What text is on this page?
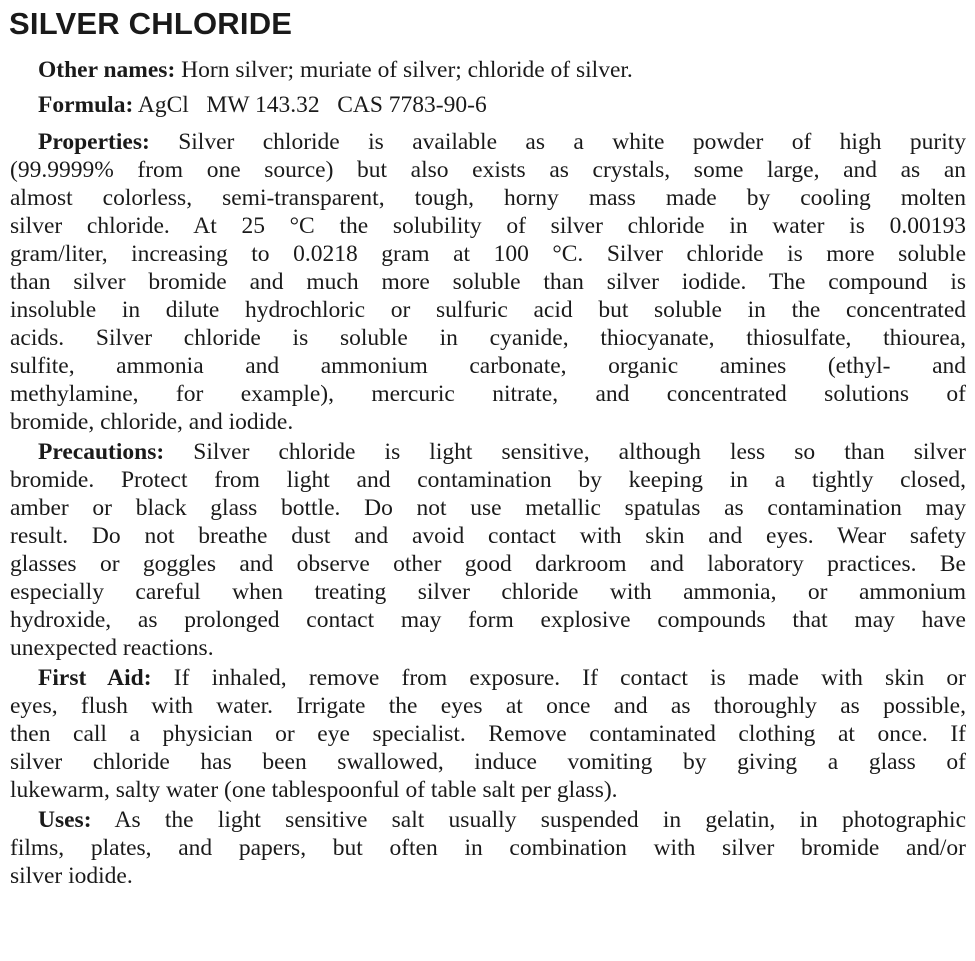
SILVER CHLORIDE
Other names: Horn silver; muriate of silver; chloride of silver.
Formula: AgCl   MW 143.32   CAS 7783-90-6
Properties: Silver chloride is available as a white powder of high purity
(99.9999% from one source) but also exists as crystals, some large, and as an
almost colorless, semi-transparent, tough, horny mass made by cooling molten
silver chloride. At 25 °C the solubility of silver chloride in water is 0.00193
gram/liter, increasing to 0.0218 gram at 100 °C. Silver chloride is more soluble
than silver bromide and much more soluble than silver iodide. The compound is
insoluble in dilute hydrochloric or sulfuric acid but soluble in the concentrated
acids. Silver chloride is soluble in cyanide, thiocyanate, thiosulfate, thiourea,
sulfite, ammonia and ammonium carbonate, organic amines (ethyl- and
methylamine, for example), mercuric nitrate, and concentrated solutions of
bromide, chloride, and iodide.
Precautions: Silver chloride is light sensitive, although less so than silver
bromide. Protect from light and contamination by keeping in a tightly closed,
amber or black glass bottle. Do not use metallic spatulas as contamination may
result. Do not breathe dust and avoid contact with skin and eyes. Wear safety
glasses or goggles and observe other good darkroom and laboratory practices. Be
especially careful when treating silver chloride with ammonia, or ammonium
hydroxide, as prolonged contact may form explosive compounds that may have
unexpected reactions.
First Aid: If inhaled, remove from exposure. If contact is made with skin or
eyes, flush with water. Irrigate the eyes at once and as thoroughly as possible,
then call a physician or eye specialist. Remove contaminated clothing at once. If
silver chloride has been swallowed, induce vomiting by giving a glass of
lukewarm, salty water (one tablespoonful of table salt per glass).
Uses: As the light sensitive salt usually suspended in gelatin, in photographic
films, plates, and papers, but often in combination with silver bromide and/or
silver iodide.
